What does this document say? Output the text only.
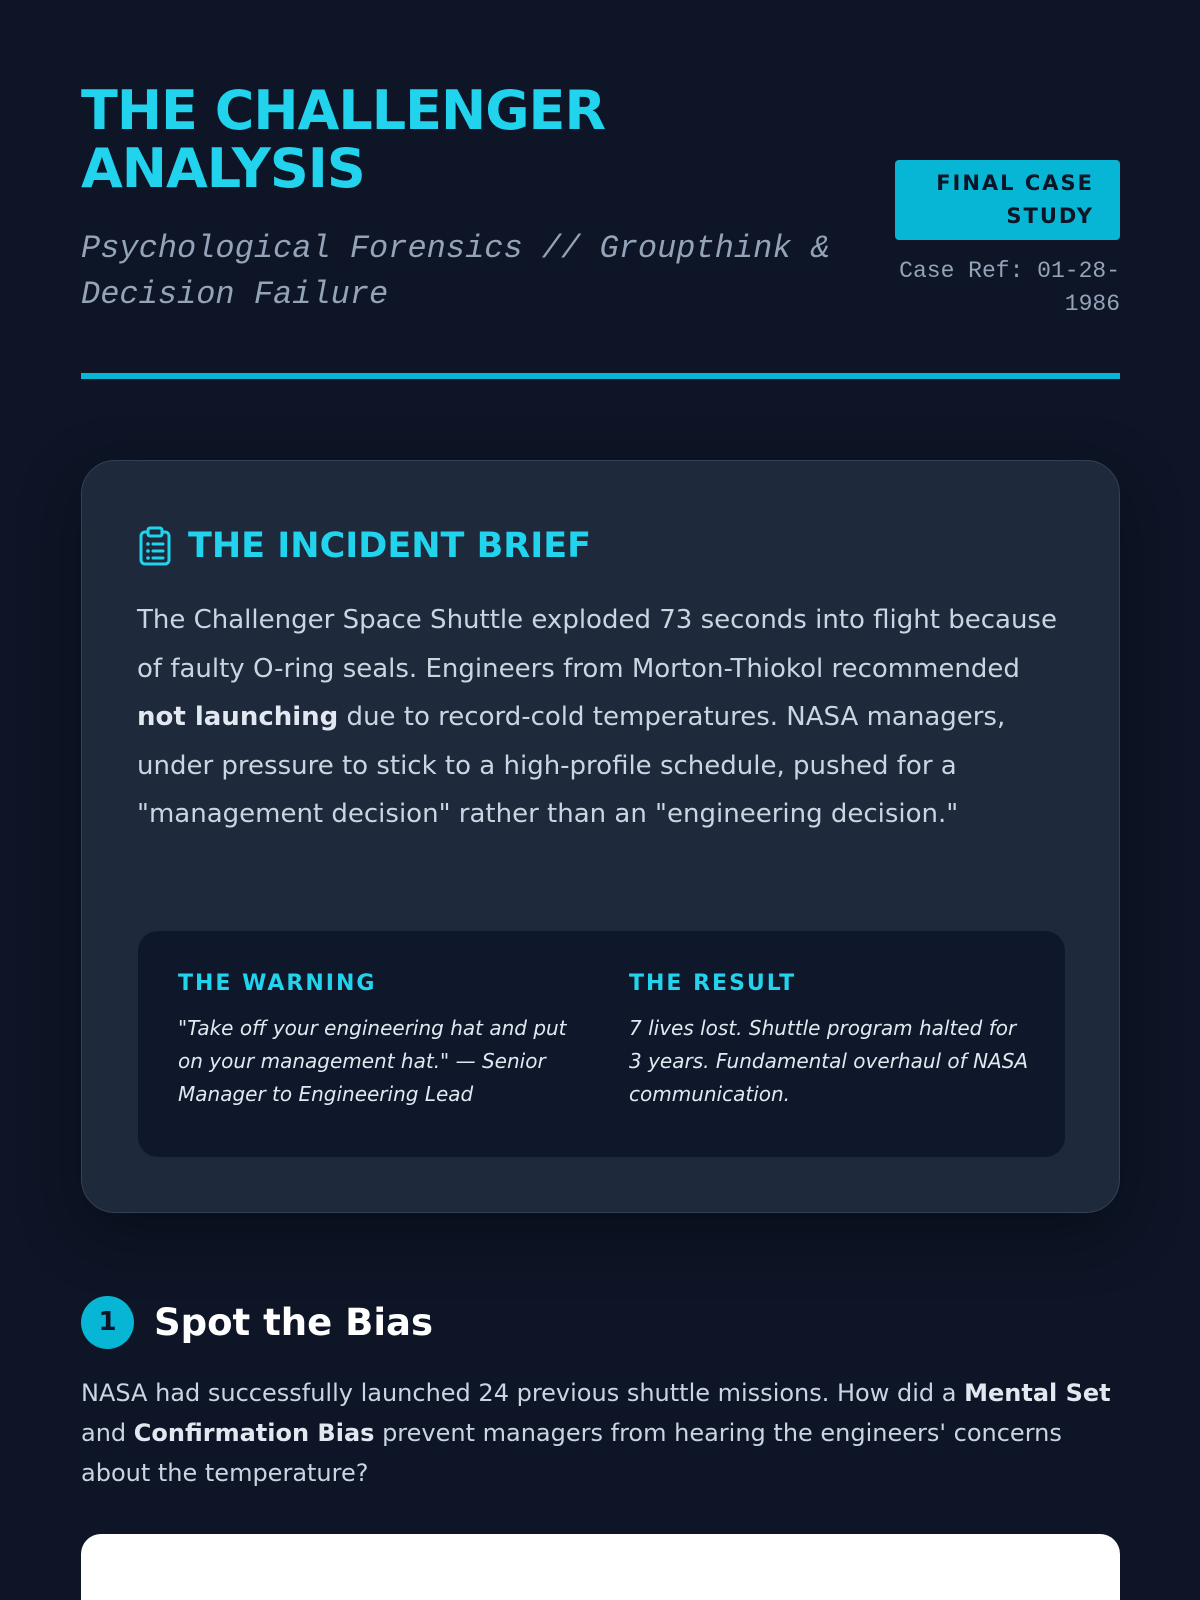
THE CHALLENGER
ANALYSIS
Psychological Forensics // Groupthink & Decision Failure
FINAL CASE
STUDY
Case Ref: 01-28-
1986
THE INCIDENT BRIEF

The Challenger Space Shuttle exploded 73 seconds into flight because of faulty O-ring seals. Engineers from Morton-Thiokol recommended not launching due to record-cold temperatures. NASA managers, under pressure to stick to a high-profile schedule, pushed for a "management decision" rather than an "engineering decision."

THE WARNING
"Take off your engineering hat and put on your management hat." — Senior Manager to Engineering Lead
THE RESULT
7 lives lost. Shuttle program halted for 3 years. Fundamental overhaul of NASA communication.
1	Spot the Bias

NASA had successfully launched 24 previous shuttle missions. How did a Mental Set and Confirmation Bias prevent managers from hearing the engineers' concerns about the temperature?
